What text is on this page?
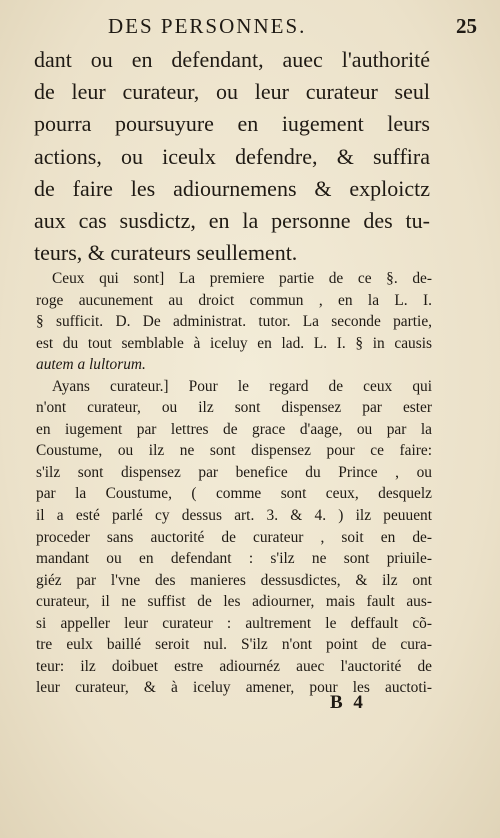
DES PERSONNES.	25
dant ou en defendant, auec l'authorité
de leur curateur, ou leur curateur seul
pourra poursuyure en iugement leurs
actions, ou iceulx defendre, & suffira
de faire les adiournemens & exploictz
aux cas susdictz, en la personne des tu-
teurs, & curateurs seullement.
Ceux qui sont] La premiere partie de ce §. de-
roge aucunement au droict commun , en la L. I.
§ sufficit. D. De administrat. tutor. La seconde partie,
est du tout semblable à iceluy en lad. L. I. § in causis
autem a lultorum.
Ayans curateur.] Pour le regard de ceux qui
n'ont curateur, ou ilz sont dispensez par ester
en iugement par lettres de grace d'aage, ou par la
Coustume, ou ilz ne sont dispensez pour ce faire:
s'ilz sont dispensez par benefice du Prince , ou
par la Coustume, ( comme sont ceux, desquelz
il a esté parlé cy dessus art. 3. & 4. ) ilz peuuent
proceder sans auctorité de curateur , soit en de-
mandant ou en defendant : s'ilz ne sont priuile-
giéz par l'vne des manieres dessusdictes, & ilz ont
curateur, il ne suffist de les adiourner, mais fault aus-
si appeller leur curateur : aultrement le deffault cõ-
tre eulx baillé seroit nul. S'ilz n'ont point de cura-
teur: ilz doibuet estre adiournéz auec l'auctorité de
leur curateur, & à iceluy amener, pour les auctoti-
B 4
